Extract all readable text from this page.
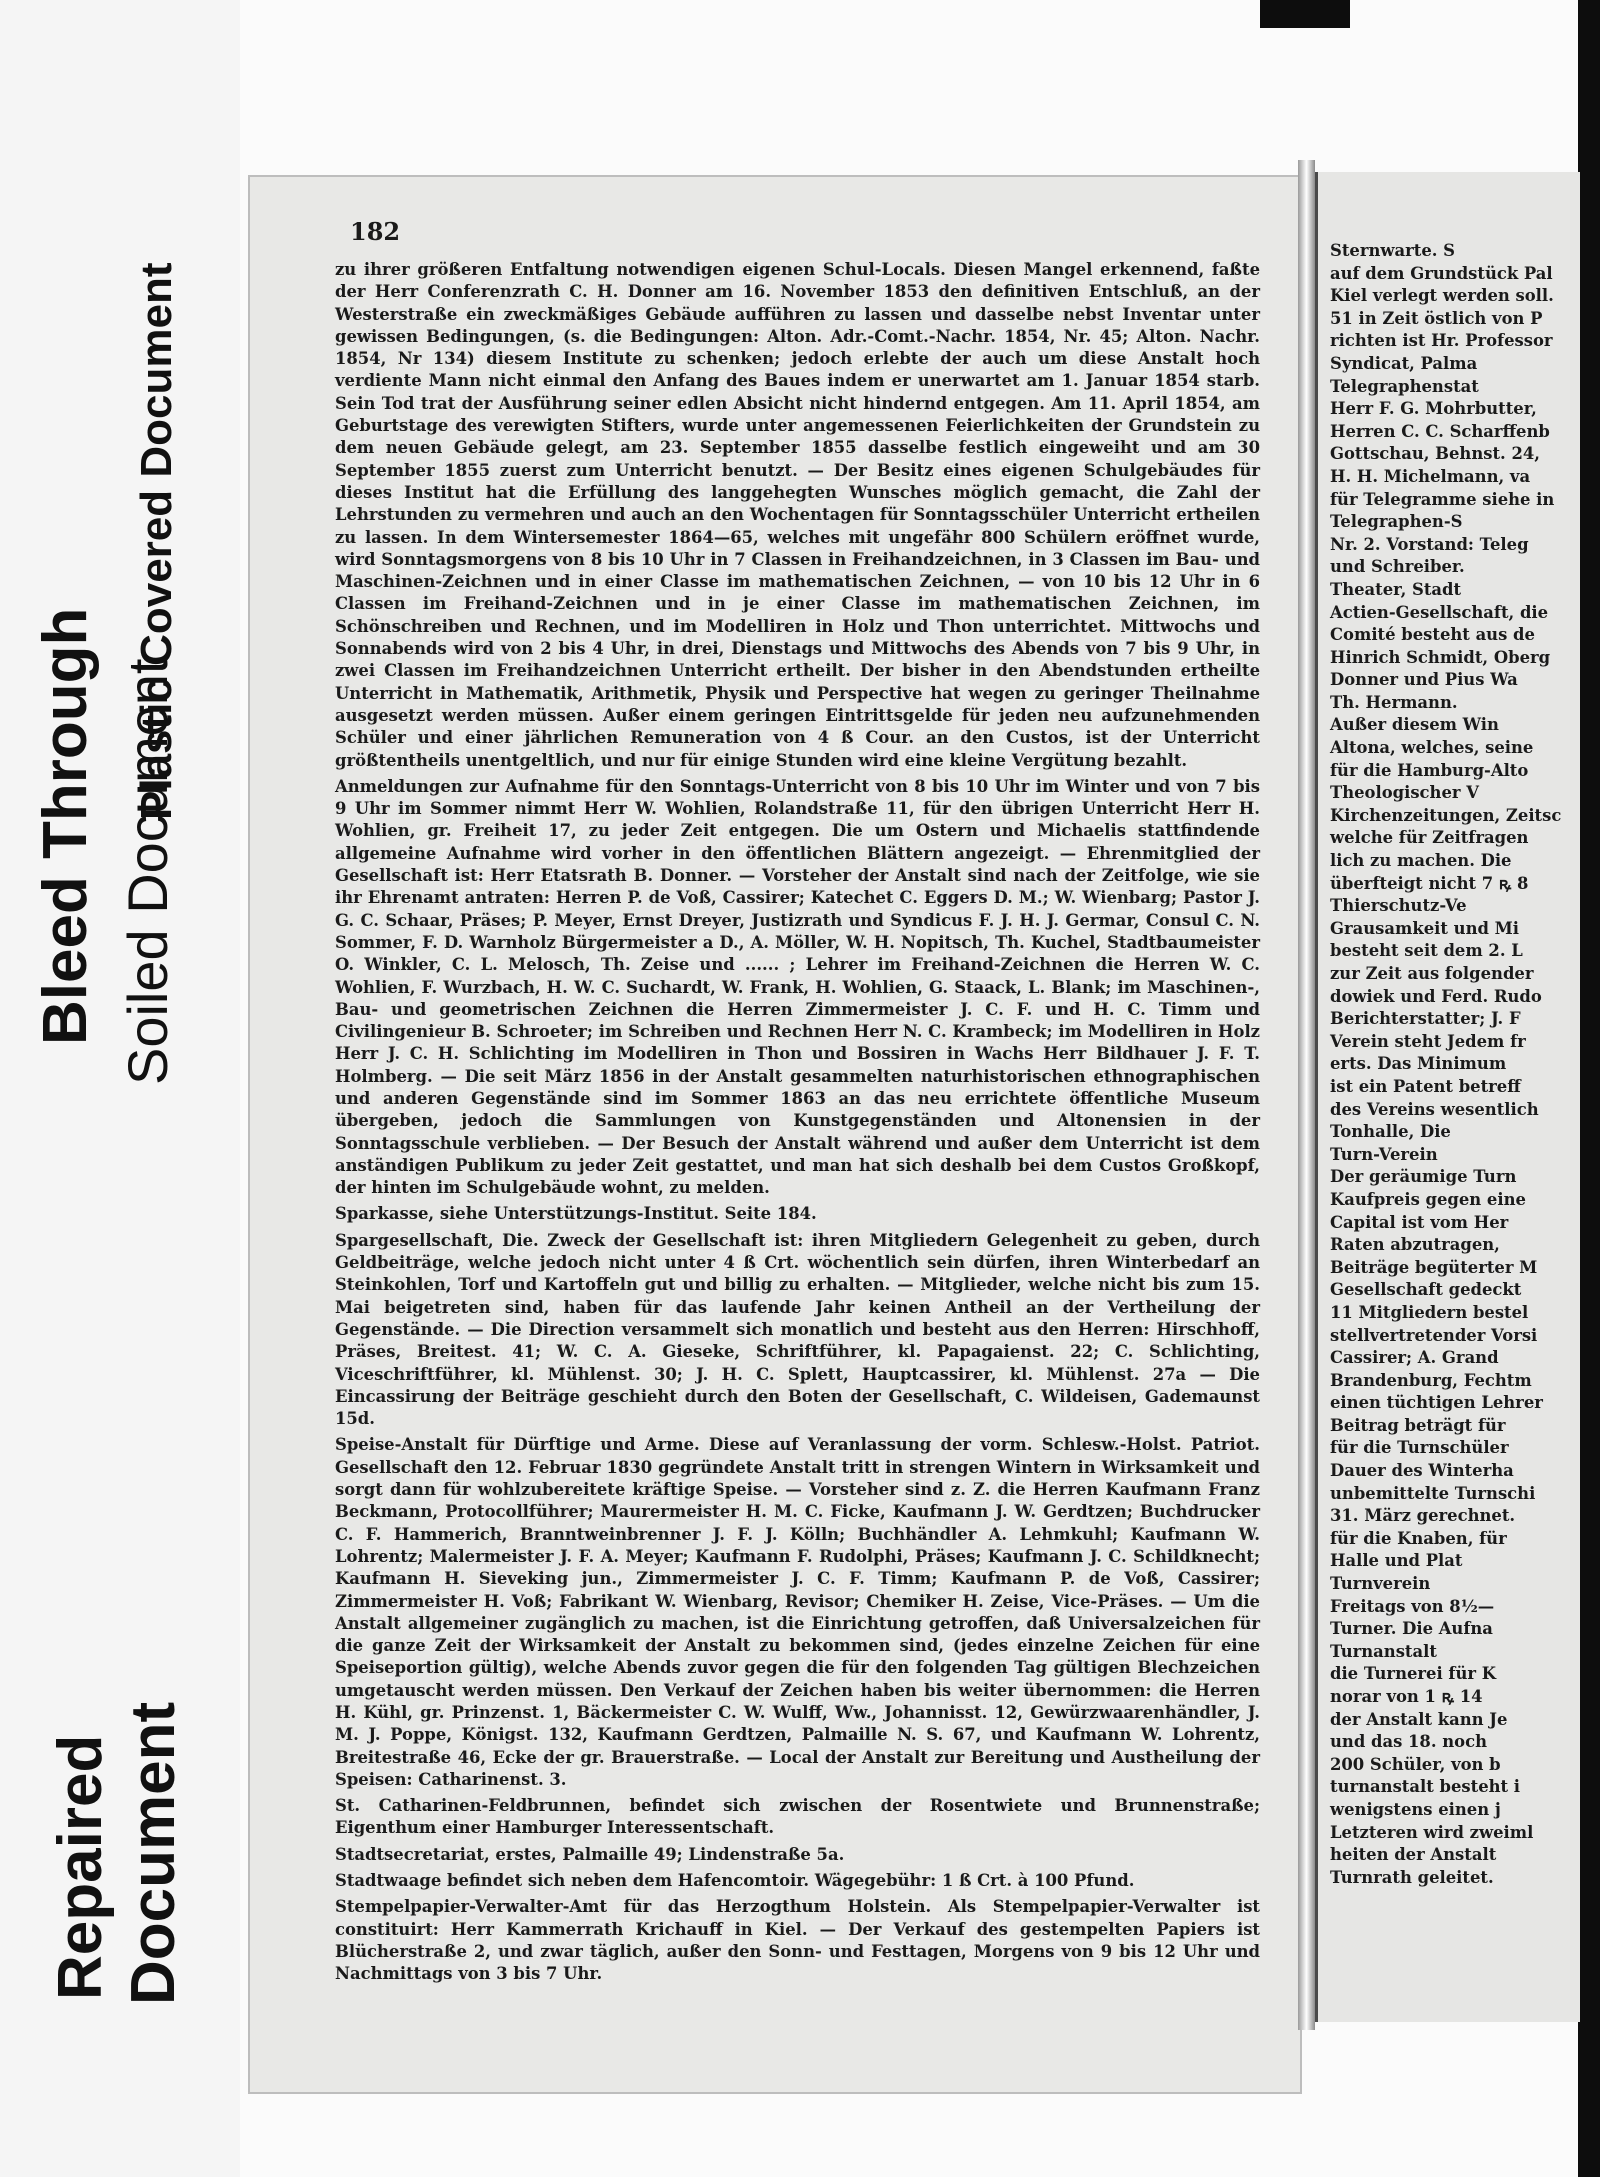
Bleed Through Soiled Document
Plastic Covered Document
Repaired Document
182

zu ihrer größeren Entfaltung notwendigen eigenen Schul-Locals. Diesen Mangel erkennend, faßte der Herr Conferenzrath C. H. Donner am 16. November 1853 den definitiven Entschluß, an der Westerstraße ein zweckmäßiges Gebäude aufführen zu lassen und dasselbe nebst Inventar unter gewissen Bedingungen, (s. die Bedingungen: Alton. Adr.-Comt.-Nachr. 1854, Nr. 45; Alton. Nachr. 1854, Nr 134) diesem Institute zu schenken; jedoch erlebte der auch um diese Anstalt hoch verdiente Mann nicht einmal den Anfang des Baues indem er unerwartet am 1. Januar 1854 starb. Sein Tod trat der Ausführung seiner edlen Absicht nicht hindernd entgegen. Am 11. April 1854, am Geburtstage des verewigten Stifters, wurde unter angemessenen Feierlichkeiten der Grundstein zu dem neuen Gebäude gelegt, am 23. September 1855 dasselbe festlich eingeweiht und am 30 September 1855 zuerst zum Unterricht benutzt. — Der Besitz eines eigenen Schulgebäudes für dieses Institut hat die Erfüllung des langgehegten Wunsches möglich gemacht, die Zahl der Lehrstunden zu vermehren und auch an den Wochentagen für Sonntagsschüler Unterricht ertheilen zu lassen. In dem Wintersemester 1864—65, welches mit ungefähr 800 Schülern eröffnet wurde, wird Sonntagsmorgens von 8 bis 10 Uhr in 7 Classen in Freihandzeichnen, in 3 Classen im Bau- und Maschinen-Zeichnen und in einer Classe im mathematischen Zeichnen, — von 10 bis 12 Uhr in 6 Classen im Freihand-Zeichnen und in je einer Classe im mathematischen Zeichnen, im Schönschreiben und Rechnen, und im Modelliren in Holz und Thon unterrichtet. Mittwochs und Sonnabends wird von 2 bis 4 Uhr, in drei, Dienstags und Mittwochs des Abends von 7 bis 9 Uhr, in zwei Classen im Freihandzeichnen Unterricht ertheilt. Der bisher in den Abendstunden ertheilte Unterricht in Mathematik, Arithmetik, Physik und Perspective hat wegen zu geringer Theilnahme ausgesetzt werden müssen. Außer einem geringen Eintrittsgelde für jeden neu aufzunehmenden Schüler und einer jährlichen Remuneration von 4 ß Cour. an den Custos, ist der Unterricht größtentheils unentgeltlich, und nur für einige Stunden wird eine kleine Vergütung bezahlt.

Anmeldungen zur Aufnahme für den Sonntags-Unterricht von 8 bis 10 Uhr im Winter und von 7 bis 9 Uhr im Sommer nimmt Herr W. Wohlien, Rolandstraße 11, für den übrigen Unterricht Herr H. Wohlien, gr. Freiheit 17, zu jeder Zeit entgegen. Die um Ostern und Michaelis stattfindende allgemeine Aufnahme wird vorher in den öffentlichen Blättern angezeigt. — Ehrenmitglied der Gesellschaft ist: Herr Etatsrath B. Donner. — Vorsteher der Anstalt sind nach der Zeitfolge, wie sie ihr Ehrenamt antraten: Herren P. de Voß, Cassirer; Katechet C. Eggers D. M.; W. Wienbarg; Pastor J. G. C. Schaar, Präses; P. Meyer, Ernst Dreyer, Justizrath und Syndicus F. J. H. J. Germar, Consul C. N. Sommer, F. D. Warnholz Bürgermeister a D., A. Möller, W. H. Nopitsch, Th. Kuchel, Stadtbaumeister O. Winkler, C. L. Melosch, Th. Zeise und ...... ; Lehrer im Freihand-Zeichnen die Herren W. C. Wohlien, F. Wurzbach, H. W. C. Suchardt, W. Frank, H. Wohlien, G. Staack, L. Blank; im Maschinen-, Bau- und geometrischen Zeichnen die Herren Zimmermeister J. C. F. und H. C. Timm und Civilingenieur B. Schroeter; im Schreiben und Rechnen Herr N. C. Krambeck; im Modelliren in Holz Herr J. C. H. Schlichting im Modelliren in Thon und Bossiren in Wachs Herr Bildhauer J. F. T. Holmberg. — Die seit März 1856 in der Anstalt gesammelten naturhistorischen ethnographischen und anderen Gegenstände sind im Sommer 1863 an das neu errichtete öffentliche Museum übergeben, jedoch die Sammlungen von Kunstgegenständen und Altonensien in der Sonntagsschule verblieben. — Der Besuch der Anstalt während und außer dem Unterricht ist dem anständigen Publikum zu jeder Zeit gestattet, und man hat sich deshalb bei dem Custos Großkopf, der hinten im Schulgebäude wohnt, zu melden.

Sparkasse, siehe Unterstützungs-Institut. Seite 184.

Spargesellschaft, Die. Zweck der Gesellschaft ist: ihren Mitgliedern Gelegenheit zu geben, durch Geldbeiträge, welche jedoch nicht unter 4 ß Crt. wöchentlich sein dürfen, ihren Winterbedarf an Steinkohlen, Torf und Kartoffeln gut und billig zu erhalten. — Mitglieder, welche nicht bis zum 15. Mai beigetreten sind, haben für das laufende Jahr keinen Antheil an der Vertheilung der Gegenstände. — Die Direction versammelt sich monatlich und besteht aus den Herren: Hirschhoff, Präses, Breitest. 41; W. C. A. Gieseke, Schriftführer, kl. Papagaienst. 22; C. Schlichting, Viceschriftführer, kl. Mühlenst. 30; J. H. C. Splett, Hauptcassirer, kl. Mühlenst. 27a — Die Eincassirung der Beiträge geschieht durch den Boten der Gesellschaft, C. Wildeisen, Gademaunst 15d.

Speise-Anstalt für Dürftige und Arme. Diese auf Veranlassung der vorm. Schlesw.-Holst. Patriot. Gesellschaft den 12. Februar 1830 gegründete Anstalt tritt in strengen Wintern in Wirksamkeit und sorgt dann für wohlzubereitete kräftige Speise. — Vorsteher sind z. Z. die Herren Kaufmann Franz Beckmann, Protocollführer; Maurermeister H. M. C. Ficke, Kaufmann J. W. Gerdtzen; Buchdrucker C. F. Hammerich, Branntweinbrenner J. F. J. Kölln; Buchhändler A. Lehmkuhl; Kaufmann W. Lohrentz; Malermeister J. F. A. Meyer; Kaufmann F. Rudolphi, Präses; Kaufmann J. C. Schildknecht; Kaufmann H. Sieveking jun., Zimmermeister J. C. F. Timm; Kaufmann P. de Voß, Cassirer; Zimmermeister H. Voß; Fabrikant W. Wienbarg, Revisor; Chemiker H. Zeise, Vice-Präses. — Um die Anstalt allgemeiner zugänglich zu machen, ist die Einrichtung getroffen, daß Universalzeichen für die ganze Zeit der Wirksamkeit der Anstalt zu bekommen sind, (jedes einzelne Zeichen für eine Speiseportion gültig), welche Abends zuvor gegen die für den folgenden Tag gültigen Blechzeichen umgetauscht werden müssen. Den Verkauf der Zeichen haben bis weiter übernommen: die Herren H. Kühl, gr. Prinzenst. 1, Bäckermeister C. W. Wulff, Ww., Johannisst. 12, Gewürzwaarenhändler, J. M. J. Poppe, Königst. 132, Kaufmann Gerdtzen, Palmaille N. S. 67, und Kaufmann W. Lohrentz, Breitestraße 46, Ecke der gr. Brauerstraße. — Local der Anstalt zur Bereitung und Austheilung der Speisen: Catharinenst. 3.

St. Catharinen-Feldbrunnen, befindet sich zwischen der Rosentwiete und Brunnenstraße; Eigenthum einer Hamburger Interessentschaft.

Stadtsecretariat, erstes, Palmaille 49; Lindenstraße 5a.

Stadtwaage befindet sich neben dem Hafencomtoir. Wägegebühr: 1 ß Crt. à 100 Pfund.

Stempelpapier-Verwalter-Amt für das Herzogthum Holstein. Als Stempelpapier-Verwalter ist constituirt: Herr Kammerrath Krichauff in Kiel. — Der Verkauf des gestempelten Papiers ist Blücherstraße 2, und zwar täglich, außer den Sonn- und Festtagen, Morgens von 9 bis 12 Uhr und Nachmittags von 3 bis 7 Uhr.

Sternwarte. S
auf dem Grundstück Pal
Kiel verlegt werden soll.
51 in Zeit östlich von P
richten ist Hr. Professor
Syndicat, Palma
Telegraphenstat
Herr F. G. Mohrbutter,
Herren C. C. Scharffenb
Gottschau, Behnst. 24,
H. H. Michelmann, va
für Telegramme siehe in
Telegraphen-S
Nr. 2. Vorstand: Teleg
und Schreiber.
Theater, Stadt
Actien-Gesellschaft, die
Comité besteht aus de
Hinrich Schmidt, Oberg
Donner und Pius Wa
Th. Hermann.
Außer diesem Win
Altona, welches, seine
für die Hamburg-Alto
Theologischer V
Kirchenzeitungen, Zeitsc
welche für Zeitfragen
lich zu machen. Die
überfteigt nicht 7 ꝶ 8
Thierschutz-Ve
Grausamkeit und Mi
besteht seit dem 2. L
zur Zeit aus folgender
dowiek und Ferd. Rudo
Berichterstatter; J. F
Verein steht Jedem fr
erts. Das Minimum
ist ein Patent betreff
des Vereins wesentlich
Tonhalle, Die
Turn-Verein
Der geräumige Turn
Kaufpreis gegen eine
Capital ist vom Her
Raten abzutragen,
Beiträge begüterter M
Gesellschaft gedeckt
11 Mitgliedern bestel
stellvertretender Vorsi
Cassirer; A. Grand
Brandenburg, Fechtm
einen tüchtigen Lehrer
Beitrag beträgt für
für die Turnschüler
Dauer des Winterha
unbemittelte Turnschi
31. März gerechnet.
für die Knaben, für
Halle und Plat
Turnverein
Freitags von 8½—
Turner. Die Aufna
Turnanstalt
die Turnerei für K
norar von 1 ꝶ 14
der Anstalt kann Je
und das 18. noch
200 Schüler, von b
turnanstalt besteht i
wenigstens einen j
Letzteren wird zweiml
heiten der Anstalt
Turnrath geleitet.
